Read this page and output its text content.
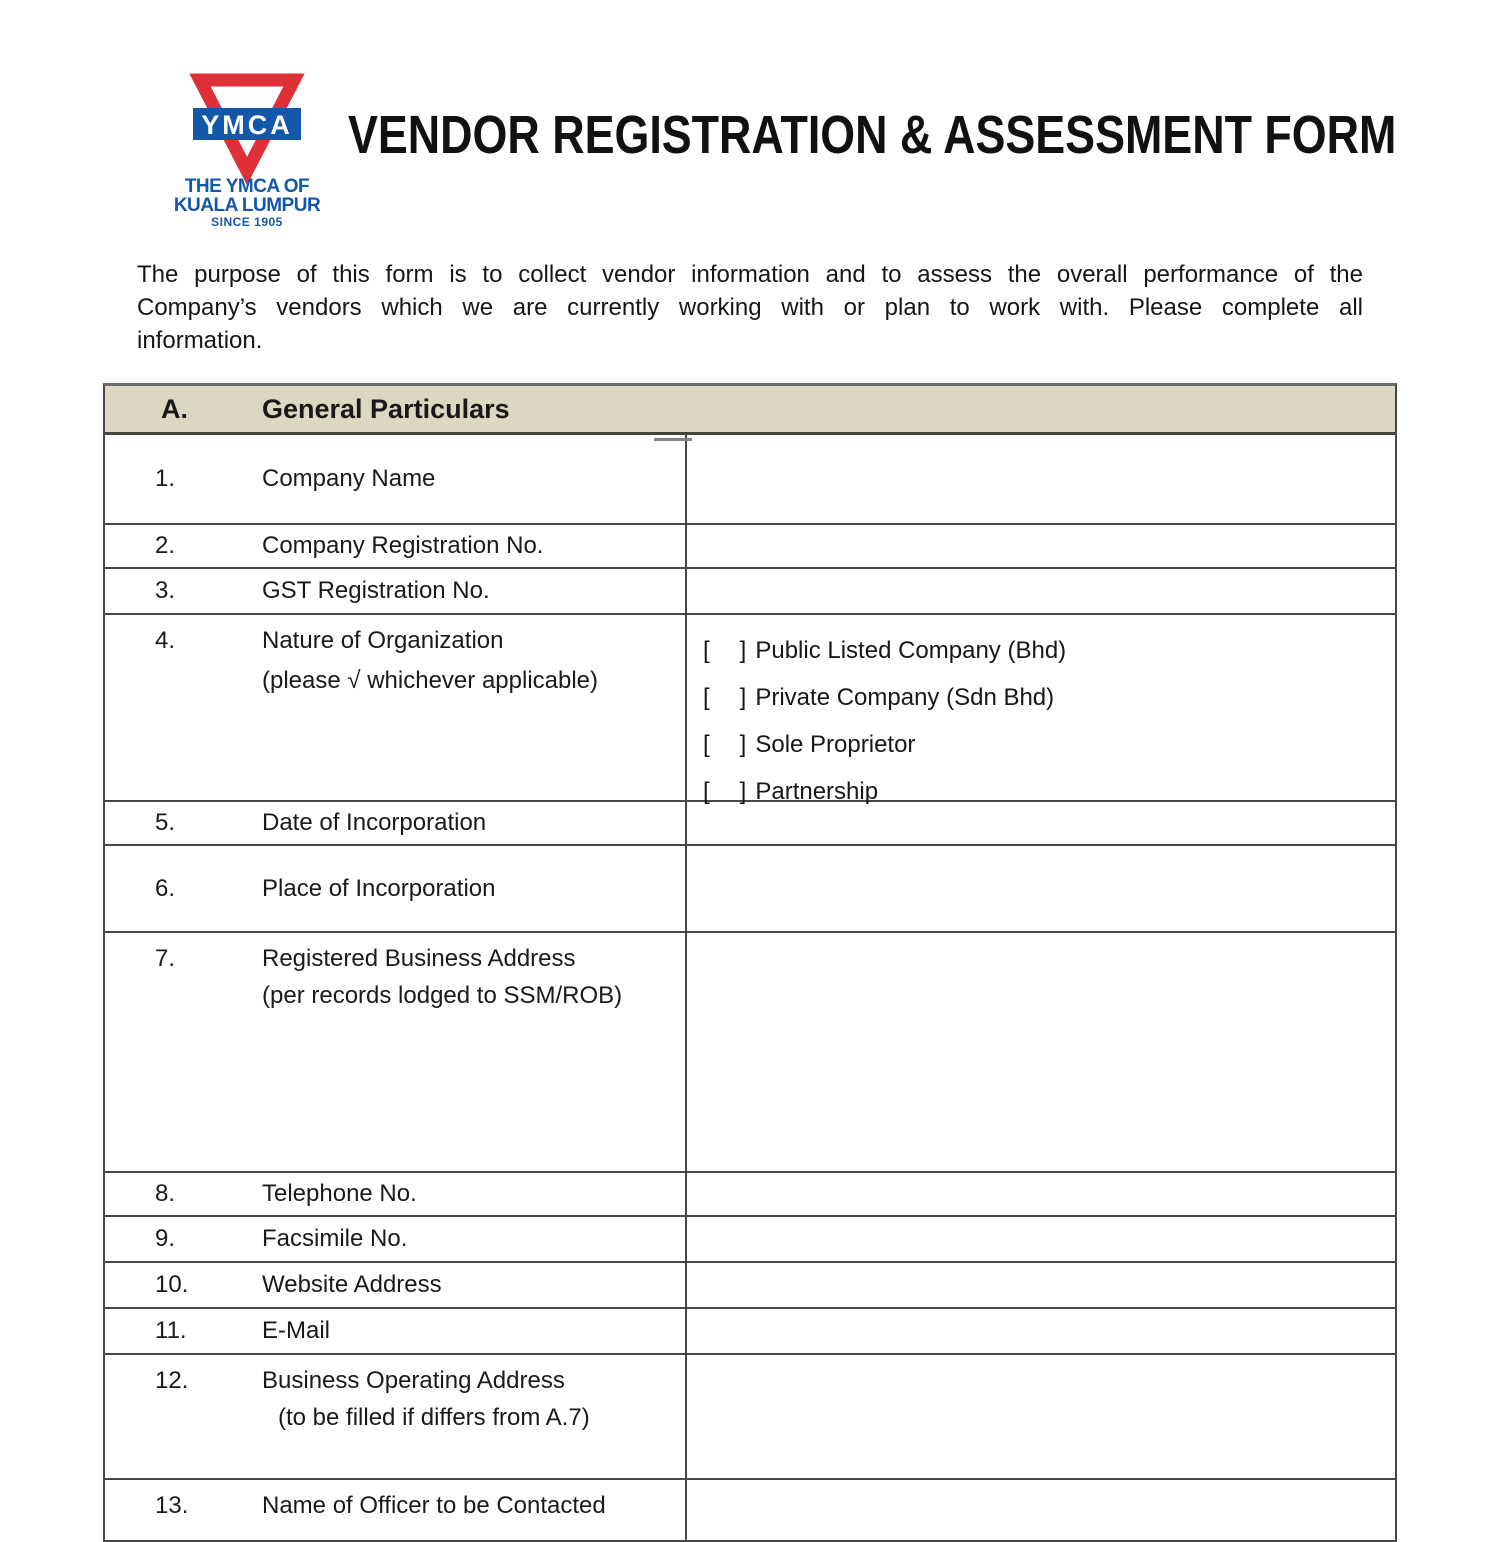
YMCA
THE YMCA OF
KUALA LUMPUR
SINCE 1905
VENDOR REGISTRATION & ASSESSMENT FORM
The purpose of this form is to collect vendor information and to assess the overall performance of the
Company’s vendors which we are currently working with or plan to work with. Please complete all
information.
A.	General Particulars
1.	Company Name
2.	Company Registration No.
3.	GST Registration No.
4.	Nature of Organization
(please √ whichever applicable)
[ ] Public Listed Company (Bhd)
[ ] Private Company (Sdn Bhd)
[ ] Sole Proprietor
[ ] Partnership
5.	Date of Incorporation
6.	Place of Incorporation
7.	Registered Business Address
(per records lodged to SSM/ROB)
8.	Telephone No.
9.	Facsimile No.
10.	Website Address
11.	E-Mail
12.	Business Operating Address
(to be filled if differs from A.7)
13.	Name of Officer to be Contacted
